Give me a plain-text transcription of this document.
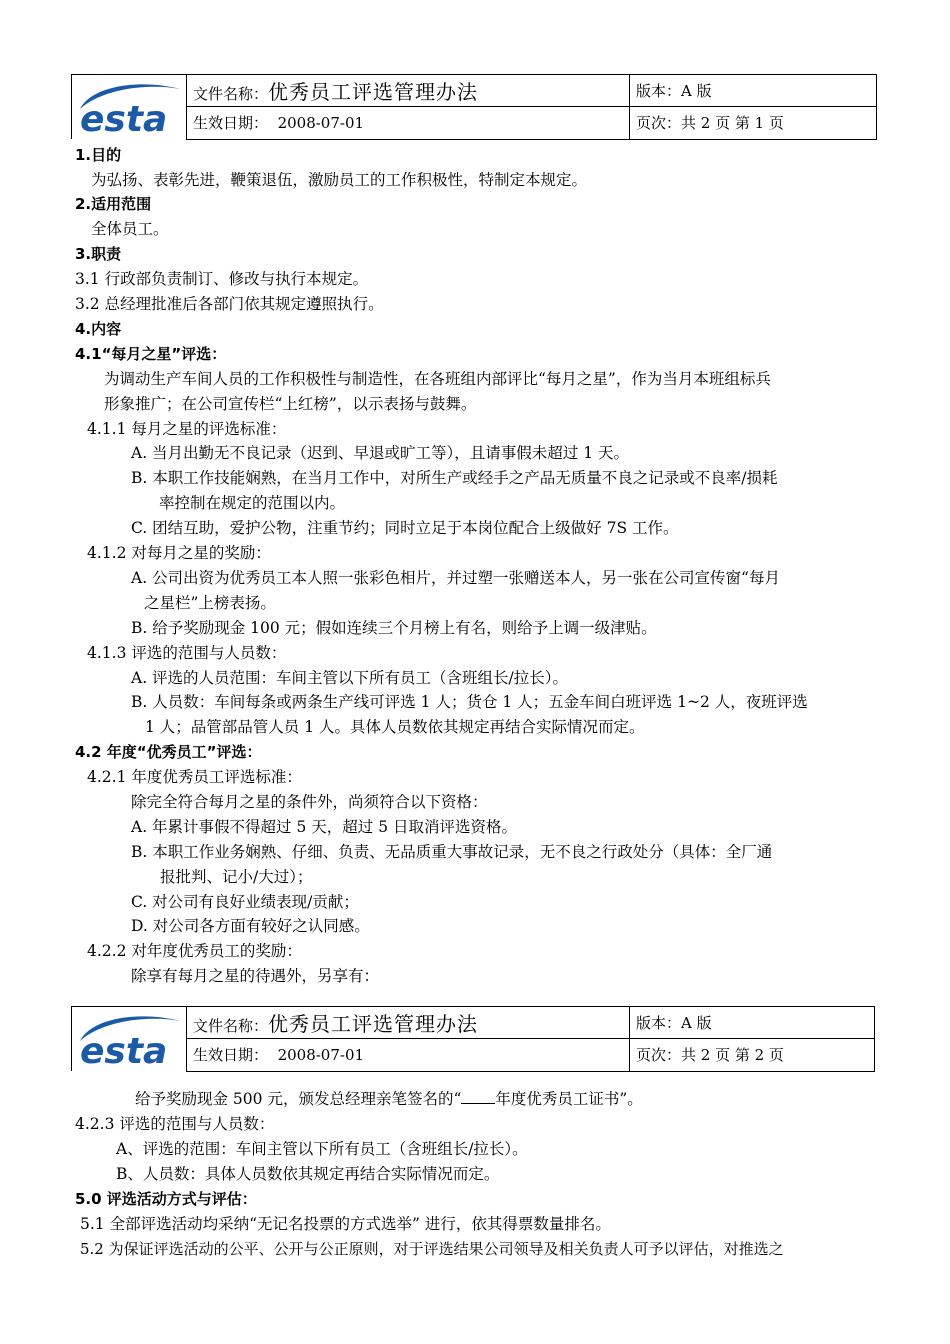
esta	文件名称：优秀员工评选管理办法	版本：A 版
	生效日期： 2008-07-01	页次：共 2 页 第 1 页
esta	文件名称：优秀员工评选管理办法	版本：A 版
	生效日期： 2008-07-01	页次：共 2 页 第 2 页
1.目的
为弘扬、表彰先进，鞭策退伍，激励员工的工作积极性，特制定本规定。
2.适用范围
全体员工。
3.职责
3.1 行政部负责制订、修改与执行本规定。
3.2 总经理批准后各部门依其规定遵照执行。
4.内容
4.1“每月之星”评选：
为调动生产车间人员的工作积极性与制造性，在各班组内部评比“每月之星”，作为当月本班组标兵
形象推广；在公司宣传栏“上红榜”，以示表扬与鼓舞。
4.1.1 每月之星的评选标准：
A. 当月出勤无不良记录（迟到、早退或旷工等），且请事假未超过 1 天。
B. 本职工作技能娴熟，在当月工作中，对所生产或经手之产品无质量不良之记录或不良率/损耗
率控制在规定的范围以内。
C. 团结互助，爱护公物，注重节约；同时立足于本岗位配合上级做好 7S 工作。
4.1.2 对每月之星的奖励：
A. 公司出资为优秀员工本人照一张彩色相片，并过塑一张赠送本人，另一张在公司宣传窗“每月
之星栏”上榜表扬。
B. 给予奖励现金 100 元；假如连续三个月榜上有名，则给予上调一级津贴。
4.1.3 评选的范围与人员数：
A. 评选的人员范围：车间主管以下所有员工（含班组长/拉长）。
B. 人员数：车间每条或两条生产线可评选 1 人；货仓 1 人；五金车间白班评选 1~2 人，夜班评选
1 人；品管部品管人员 1 人。具体人员数依其规定再结合实际情况而定。
4.2 年度“优秀员工”评选：
4.2.1 年度优秀员工评选标准：
除完全符合每月之星的条件外，尚须符合以下资格：
A. 年累计事假不得超过 5 天，超过 5 日取消评选资格。
B. 本职工作业务娴熟、仔细、负责、无品质重大事故记录，无不良之行政处分（具体：全厂通
报批判、记小/大过）；
C. 对公司有良好业绩表现/贡献；
D. 对公司各方面有较好之认同感。
4.2.2 对年度优秀员工的奖励：
除享有每月之星的待遇外，另享有：
给予奖励现金 500 元，颁发总经理亲笔签名的“ 年度优秀员工证书”。
4.2.3 评选的范围与人员数：
A、评选的范围：车间主管以下所有员工（含班组长/拉长）。
B、人员数：具体人员数依其规定再结合实际情况而定。
5.0 评选活动方式与评估：
5.1 全部评选活动均采纳“无记名投票的方式选举” 进行，依其得票数量排名。
5.2 为保证评选活动的公平、公开与公正原则，对于评选结果公司领导及相关负责人可予以评估，对推选之
